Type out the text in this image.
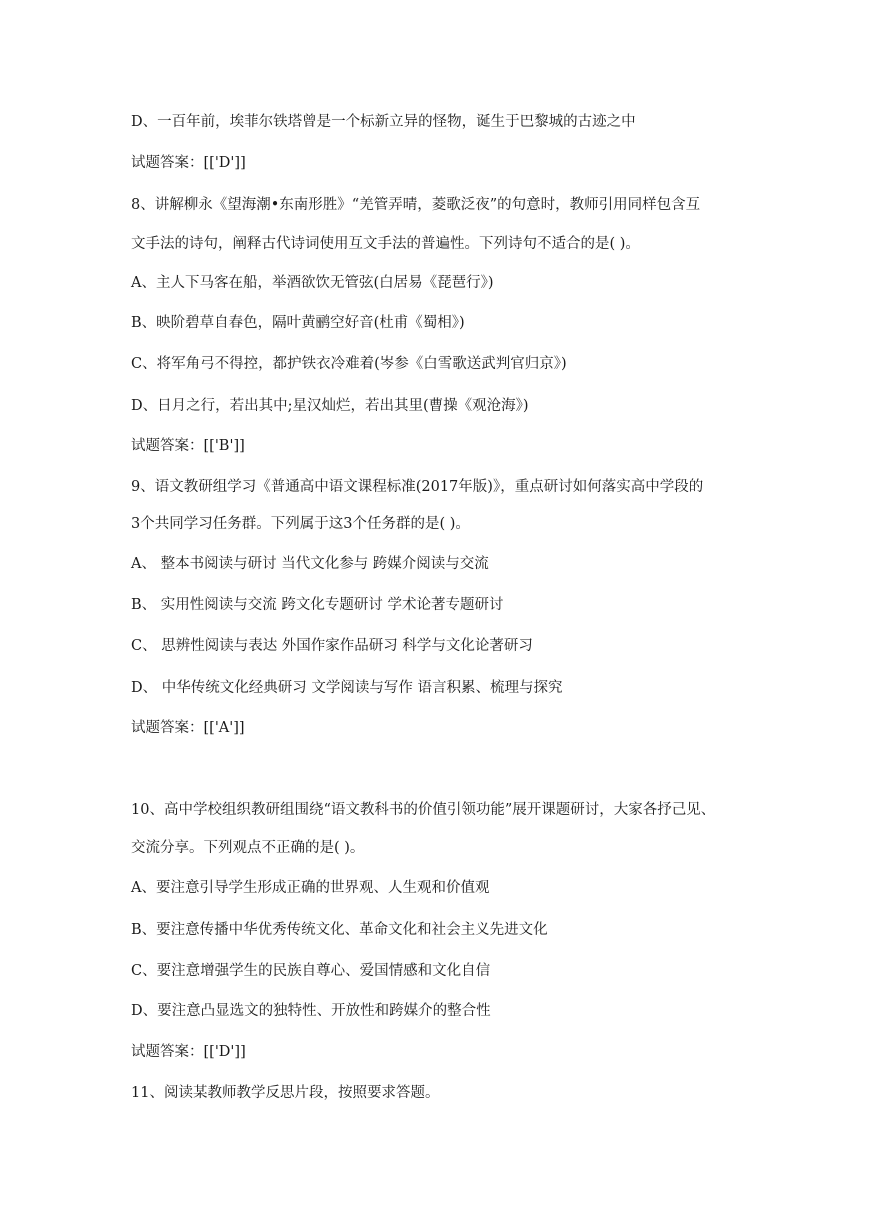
D、一百年前，埃菲尔铁塔曾是一个标新立异的怪物，诞生于巴黎城的古迹之中
试题答案：[['D']]
8、讲解柳永《望海潮•东南形胜》“羌管弄晴，菱歌泛夜”的句意时，教师引用同样包含互
文手法的诗句，阐释古代诗词使用互文手法的普遍性。下列诗句不适合的是( )。
A、主人下马客在船，举酒欲饮无管弦(白居易《琵琶行》)
B、映阶碧草自春色，隔叶黄鹂空好音(杜甫《蜀相》)
C、将军角弓不得控，都护铁衣冷难着(岑参《白雪歌送武判官归京》)
D、日月之行，若出其中;星汉灿烂，若出其里(曹操《观沧海》)
试题答案：[['B']]
9、语文教研组学习《普通高中语文课程标准(2017年版)》，重点研讨如何落实高中学段的
3个共同学习任务群。下列属于这3个任务群的是( )。
A、 整本书阅读与研讨 当代文化参与 跨媒介阅读与交流
B、 实用性阅读与交流 跨文化专题研讨 学术论著专题研讨
C、 思辨性阅读与表达 外国作家作品研习 科学与文化论著研习
D、 中华传统文化经典研习 文学阅读与写作 语言积累、梳理与探究
试题答案：[['A']]
10、高中学校组织教研组围绕“语文教科书的价值引领功能”展开课题研讨，大家各抒己见、
交流分享。下列观点不正确的是( )。
A、要注意引导学生形成正确的世界观、人生观和价值观
B、要注意传播中华优秀传统文化、革命文化和社会主义先进文化
C、要注意增强学生的民族自尊心、爱国情感和文化自信
D、要注意凸显选文的独特性、开放性和跨媒介的整合性
试题答案：[['D']]
11、阅读某教师教学反思片段，按照要求答题。
